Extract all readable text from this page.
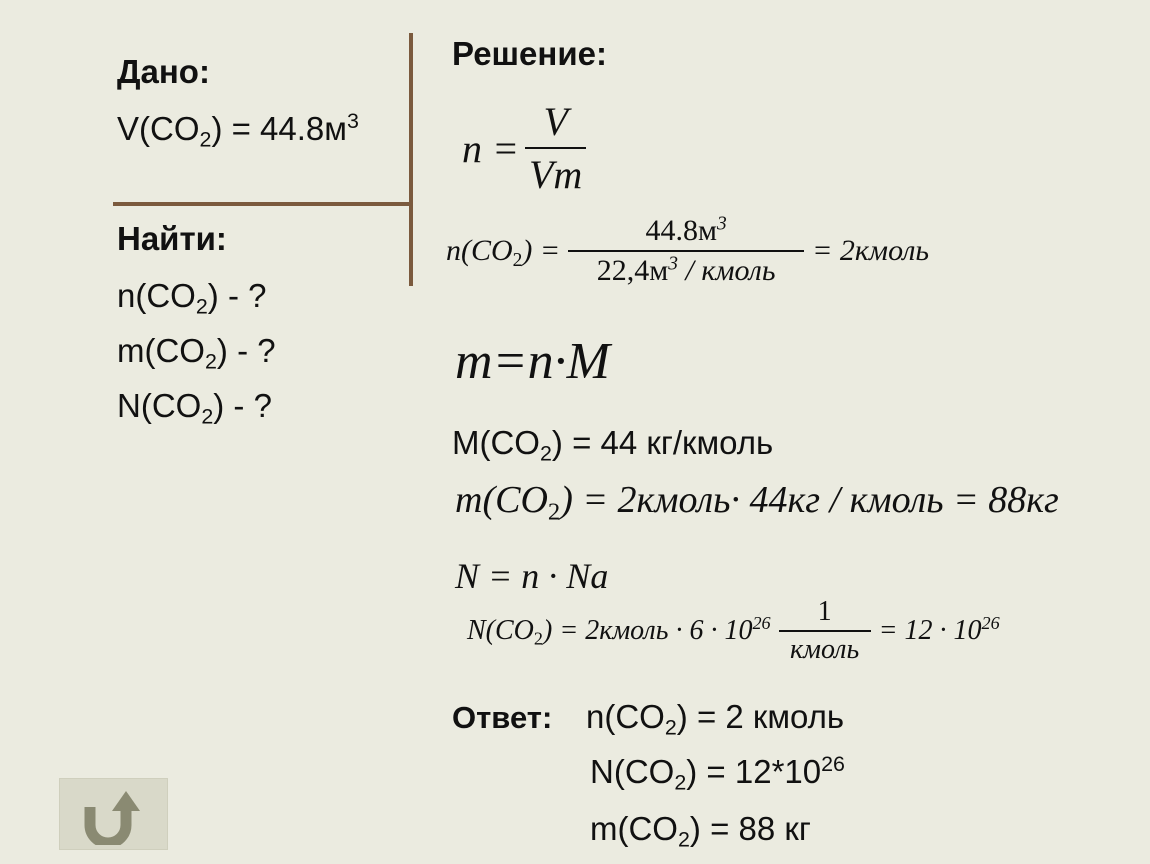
Дано:
$V(CO_2) = 44.8м^3$
Найти:
$n(CO_2)$ - ?
$m(CO_2)$ - ?
$N(CO_2)$ - ?
Решение:
$n = \frac{V}{Vm}$
$n(CO_2) = \frac{44.8м^3}{22,4м^3 / кмоль}$ = 2кмоль
m=n·M
$M(CO_2) = 44$ кг/кмоль
$m(CO_2)$ = 2кмоль· 44кг / кмоль = 88кг
N = n · Na
$N(CO_2)$ = 2кмоль · $6 \cdot 10^{26} \frac{1}{\text{кмоль}} = 12 \cdot 10^{26}$
Ответ: $n(CO_2) = 2$ кмоль
$N(CO_2) = 12*10^{26}$
$m(CO_2) = 88$ кг
